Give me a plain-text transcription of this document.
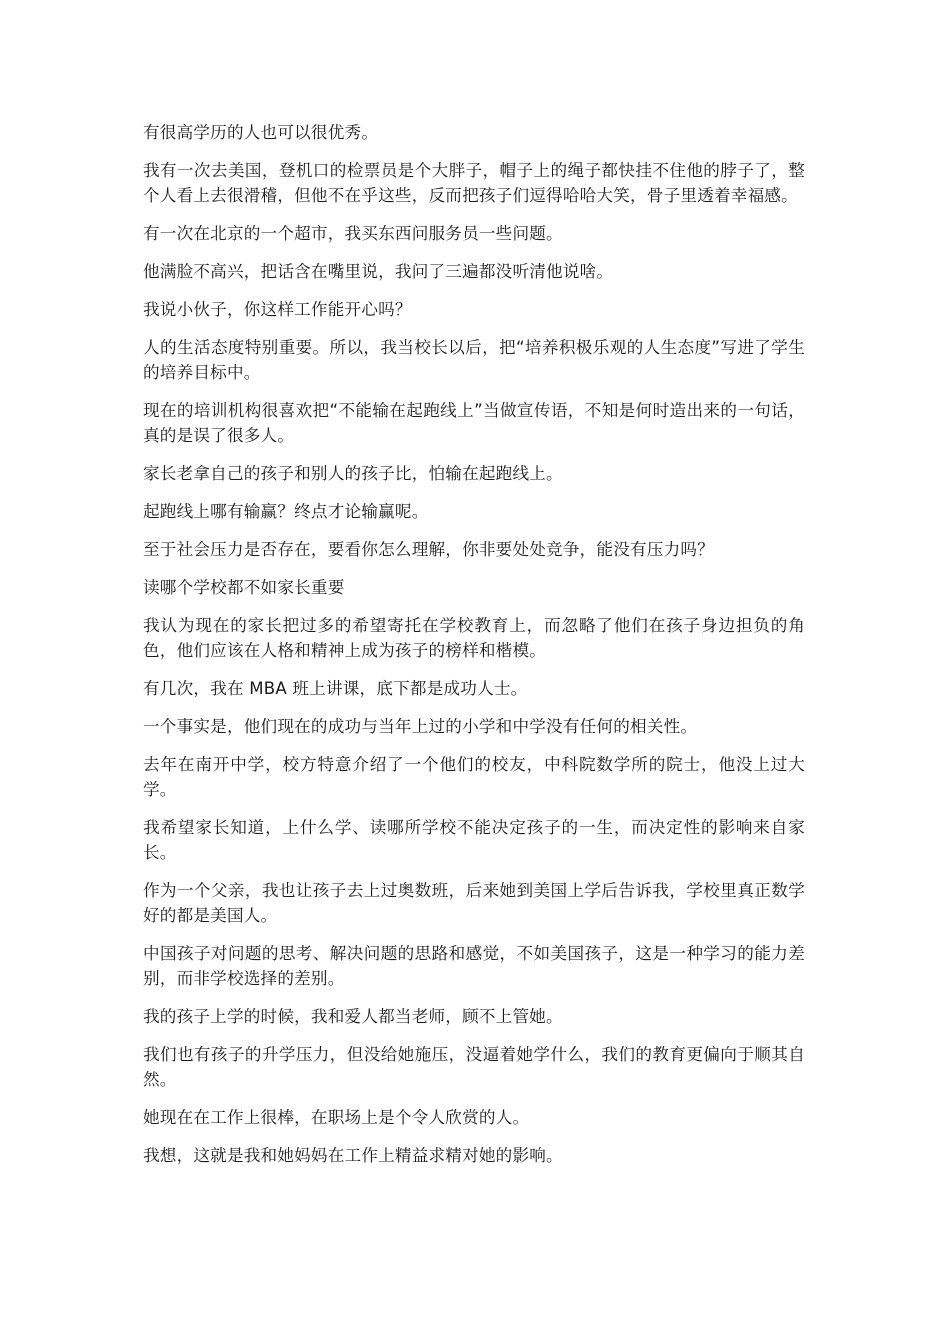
有很高学历的人也可以很优秀。

我有一次去美国，登机口的检票员是个大胖子，帽子上的绳子都快挂不住他的脖子了，整个人看上去很滑稽，但他不在乎这些，反而把孩子们逗得哈哈大笑，骨子里透着幸福感。

有一次在北京的一个超市，我买东西问服务员一些问题。

他满脸不高兴，把话含在嘴里说，我问了三遍都没听清他说啥。

我说小伙子，你这样工作能开心吗？

人的生活态度特别重要。所以，我当校长以后，把“培养积极乐观的人生态度”写进了学生的培养目标中。

现在的培训机构很喜欢把“不能输在起跑线上”当做宣传语，不知是何时造出来的一句话，真的是误了很多人。

家长老拿自己的孩子和别人的孩子比，怕输在起跑线上。

起跑线上哪有输赢？终点才论输赢呢。

至于社会压力是否存在，要看你怎么理解，你非要处处竞争，能没有压力吗？

读哪个学校都不如家长重要

我认为现在的家长把过多的希望寄托在学校教育上，而忽略了他们在孩子身边担负的角色，他们应该在人格和精神上成为孩子的榜样和楷模。

有几次，我在 MBA 班上讲课，底下都是成功人士。

一个事实是，他们现在的成功与当年上过的小学和中学没有任何的相关性。

去年在南开中学，校方特意介绍了一个他们的校友，中科院数学所的院士，他没上过大学。

我希望家长知道，上什么学、读哪所学校不能决定孩子的一生，而决定性的影响来自家长。

作为一个父亲，我也让孩子去上过奥数班，后来她到美国上学后告诉我，学校里真正数学好的都是美国人。

中国孩子对问题的思考、解决问题的思路和感觉，不如美国孩子，这是一种学习的能力差别，而非学校选择的差别。

我的孩子上学的时候，我和爱人都当老师，顾不上管她。

我们也有孩子的升学压力，但没给她施压，没逼着她学什么，我们的教育更偏向于顺其自然。

她现在在工作上很棒，在职场上是个令人欣赏的人。

我想，这就是我和她妈妈在工作上精益求精对她的影响。
